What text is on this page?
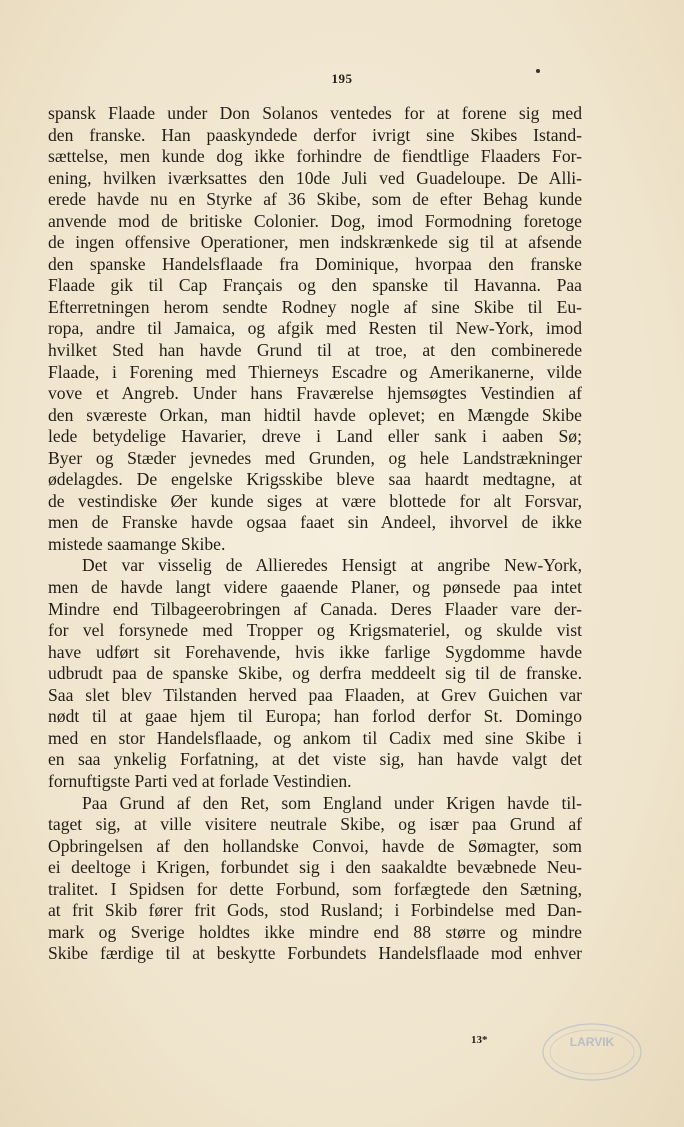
195
spansk Flaade under Don Solanos ventedes for at forene sig med
den franske. Han paaskyndede derfor ivrigt sine Skibes Istand-
sættelse, men kunde dog ikke forhindre de fiendtlige Flaaders For-
ening, hvilken iværksattes den 10de Juli ved Guadeloupe. De Alli-
erede havde nu en Styrke af 36 Skibe, som de efter Behag kunde
anvende mod de britiske Colonier. Dog, imod Formodning foretoge
de ingen offensive Operationer, men indskrænkede sig til at afsende
den spanske Handelsflaade fra Dominique, hvorpaa den franske
Flaade gik til Cap Français og den spanske til Havanna. Paa
Efterretningen herom sendte Rodney nogle af sine Skibe til Eu-
ropa, andre til Jamaica, og afgik med Resten til New-York, imod
hvilket Sted han havde Grund til at troe, at den combinerede
Flaade, i Forening med Thierneys Escadre og Amerikanerne, vilde
vove et Angreb. Under hans Fraværelse hjemsøgtes Vestindien af
den sværeste Orkan, man hidtil havde oplevet; en Mængde Skibe
lede betydelige Havarier, dreve i Land eller sank i aaben Sø;
Byer og Stæder jevnedes med Grunden, og hele Landstrækninger
ødelagdes. De engelske Krigsskibe bleve saa haardt medtagne, at
de vestindiske Øer kunde siges at være blottede for alt Forsvar,
men de Franske havde ogsaa faaet sin Andeel, ihvorvel de ikke
mistede saamange Skibe.
Det var visselig de Allieredes Hensigt at angribe New-York,
men de havde langt videre gaaende Planer, og pønsede paa intet
Mindre end Tilbageerobringen af Canada. Deres Flaader vare der-
for vel forsynede med Tropper og Krigsmateriel, og skulde vist
have udført sit Forehavende, hvis ikke farlige Sygdomme havde
udbrudt paa de spanske Skibe, og derfra meddeelt sig til de franske.
Saa slet blev Tilstanden herved paa Flaaden, at Grev Guichen var
nødt til at gaae hjem til Europa; han forlod derfor St. Domingo
med en stor Handelsflaade, og ankom til Cadix med sine Skibe i
en saa ynkelig Forfatning, at det viste sig, han havde valgt det
fornuftigste Parti ved at forlade Vestindien.
Paa Grund af den Ret, som England under Krigen havde til-
taget sig, at ville visitere neutrale Skibe, og især paa Grund af
Opbringelsen af den hollandske Convoi, havde de Sømagter, som
ei deeltoge i Krigen, forbundet sig i den saakaldte bevæbnede Neu-
tralitet. I Spidsen for dette Forbund, som forfægtede den Sætning,
at frit Skib fører frit Gods, stod Rusland; i Forbindelse med Dan-
mark og Sverige holdtes ikke mindre end 88 større og mindre
Skibe færdige til at beskytte Forbundets Handelsflaade mod enhver
13*	LARVIK
